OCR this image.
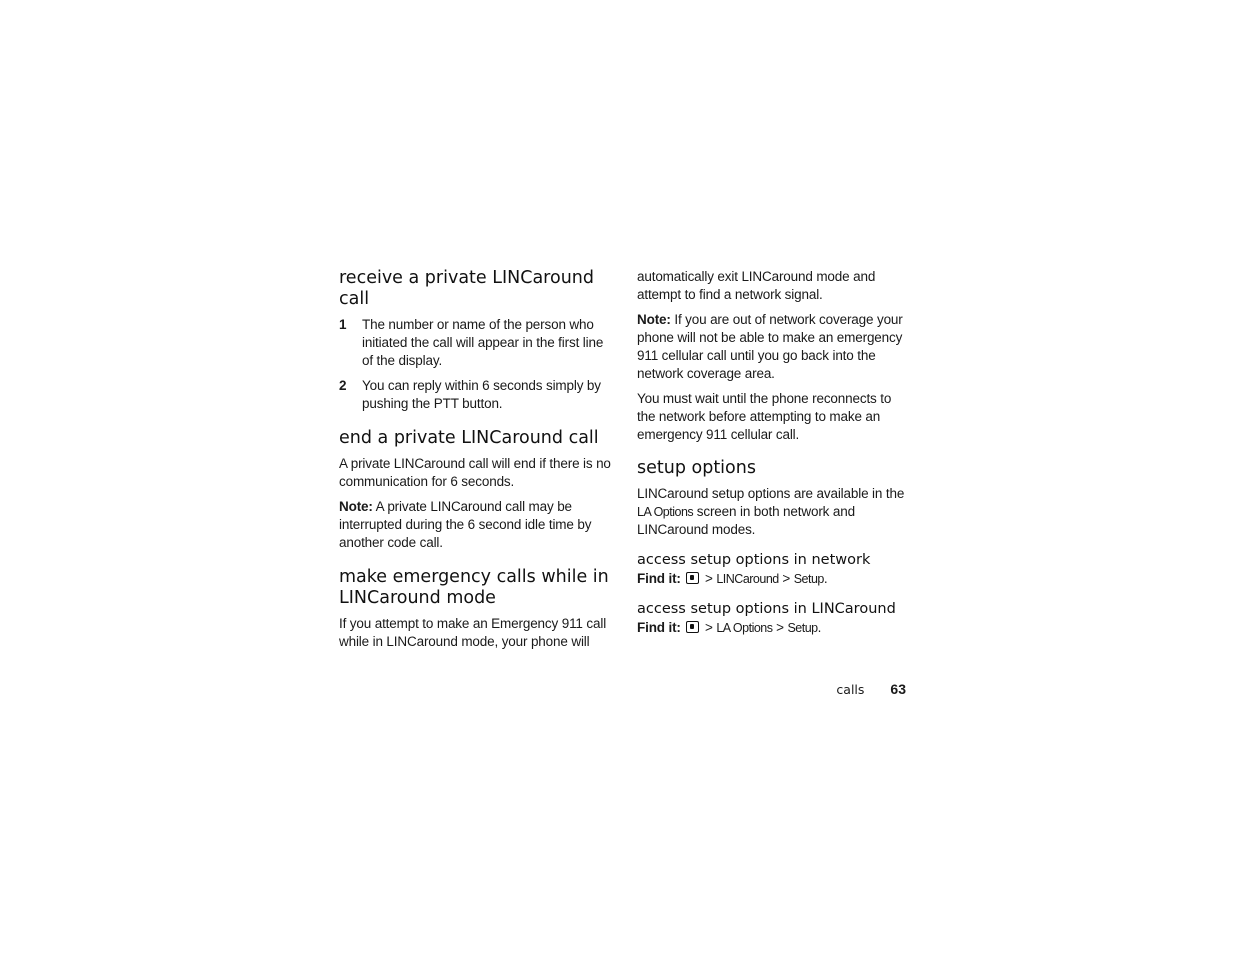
receive a private LINCaround call
1	The number or name of the person who initiated the call will appear in the first line of the display.
2	You can reply within 6 seconds simply by pushing the PTT button.
end a private LINCaround call

A private LINCaround call will end if there is no communication for 6 seconds.

Note: A private LINCaround call may be interrupted during the 6 second idle time by another code call.

make emergency calls while in LINCaround mode

If you attempt to make an Emergency 911 call while in LINCaround mode, your phone will

automatically exit LINCaround mode and attempt to find a network signal.

Note: If you are out of network coverage your phone will not be able to make an emergency 911 cellular call until you go back into the network coverage area.

You must wait until the phone reconnects to the network before attempting to make an emergency 911 cellular call.

setup options

LINCaround setup options are available in the LA Options screen in both network and LINCaround modes.

access setup options in network

Find it:  > LINCaround > Setup.

access setup options in LINCaround

Find it:  > LA Options > Setup.

calls 63
